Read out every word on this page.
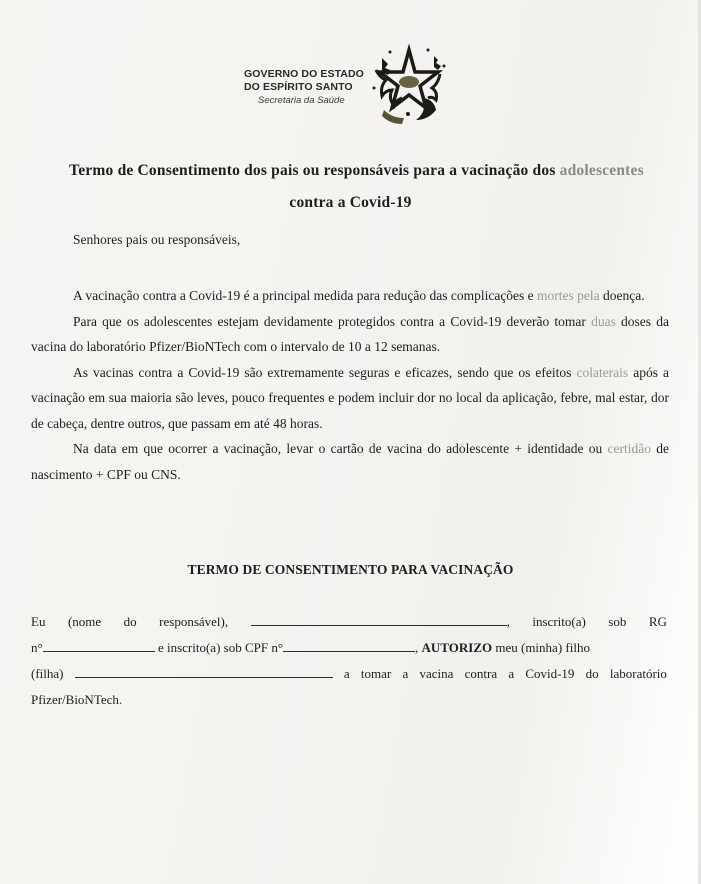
GOVERNO DO ESTADO
DO ESPÍRITO SANTO
Secretaria da Saúde
Termo de Consentimento dos pais ou responsáveis para a vacinação dos adolescentes
contra a Covid-19
Senhores pais ou responsáveis,

A vacinação contra a Covid-19 é a principal medida para redução das complicações e mortes pela doença.

Para que os adolescentes estejam devidamente protegidos contra a Covid-19 deverão tomar duas doses da vacina do laboratório Pfizer/BioNTech com o intervalo de 10 a 12 semanas.

As vacinas contra a Covid-19 são extremamente seguras e eficazes, sendo que os efeitos colaterais após a vacinação em sua maioria são leves, pouco frequentes e podem incluir dor no local da aplicação, febre, mal estar, dor de cabeça, dentre outros, que passam em até 48 horas.

Na data em que ocorrer a vacinação, levar o cartão de vacina do adolescente + identidade ou certidão de nascimento + CPF ou CNS.

TERMO DE CONSENTIMENTO PARA VACINAÇÃO
Eu (nome do responsável),	, inscrito(a) sob RG
n°	e inscrito(a) sob CPF n°	, AUTORIZO meu (minha) filho
(filha)	a tomar a vacina contra a Covid-19 do laboratório
Pfizer/BioNTech.
